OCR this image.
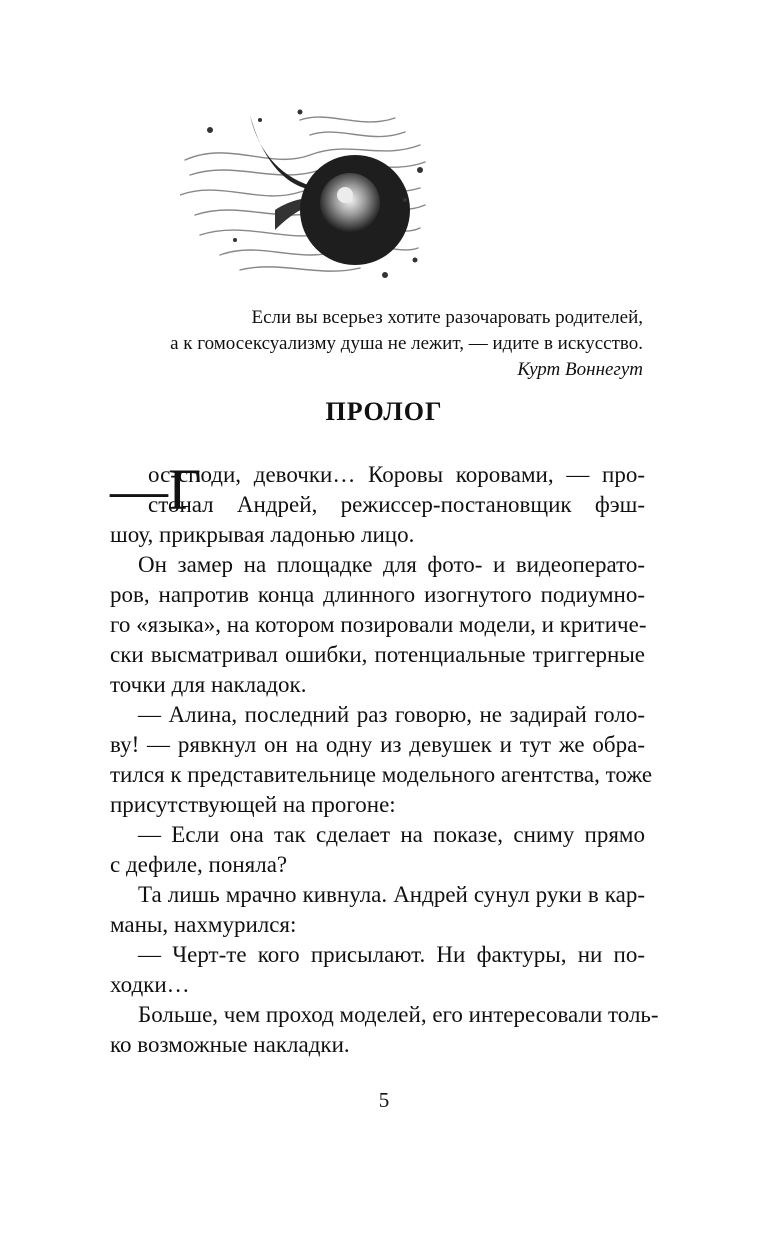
Если вы всерьез хотите разочаровать родителей,
а к гомосексуализму душа не лежит, — идите в искусство.
Курт Воннегут
ПРОЛОГ
—Г
ос-споди, девочки… Коровы коровами, — про-
стонал Андрей, режиссер-постановщик фэш-
шоу, прикрывая ладонью лицо.
Он замер на площадке для фото- и видеоперато-
ров, напротив конца длинного изогнутого подиумно-
го «языка», на котором позировали модели, и критиче-
ски высматривал ошибки, потенциальные триггерные
точки для накладок.
— Алина, последний раз говорю, не задирай голо-
ву! — рявкнул он на одну из девушек и тут же обра-
тился к представительнице модельного агентства, тоже
присутствующей на прогоне:
— Если она так сделает на показе, сниму прямо
с дефиле, поняла?
Та лишь мрачно кивнула. Андрей сунул руки в кар-
маны, нахмурился:
— Черт-те кого присылают. Ни фактуры, ни по-
ходки…
Больше, чем проход моделей, его интересовали толь-
ко возможные накладки.
5
